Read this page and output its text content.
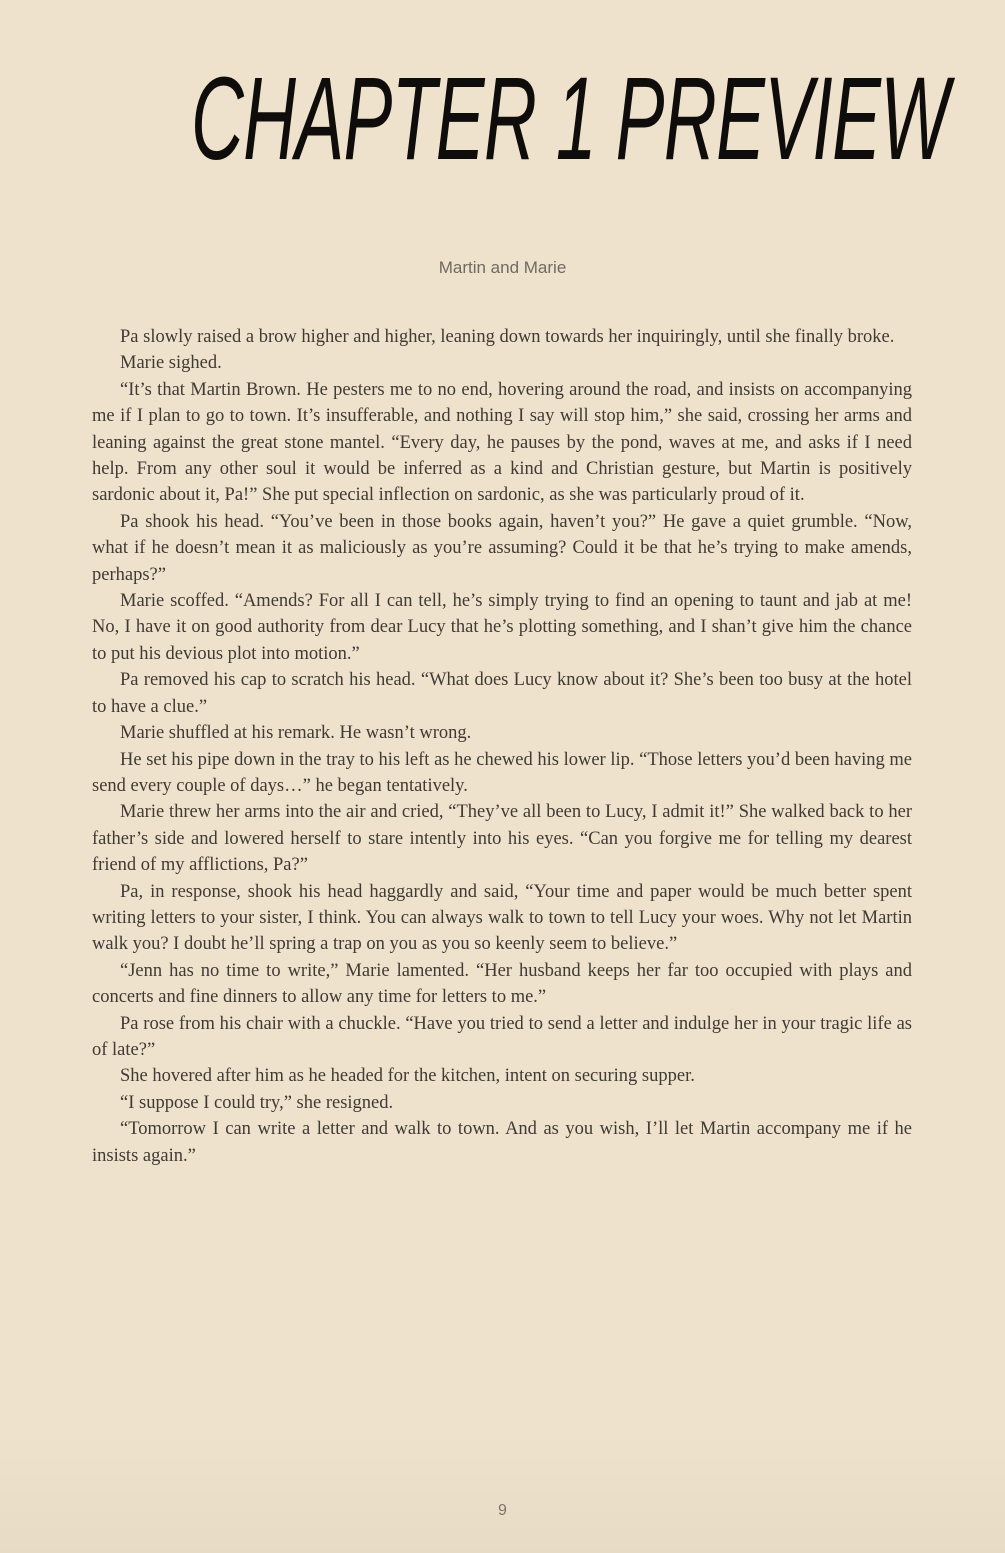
CHAPTER 1 PREVIEW

Martin and Marie

Pa slowly raised a brow higher and higher, leaning down towards her inquiringly, until she finally broke.

Marie sighed.

“It’s that Martin Brown. He pesters me to no end, hovering around the road, and insists on accompanying me if I plan to go to town. It’s insufferable, and nothing I say will stop him,” she said, crossing her arms and leaning against the great stone mantel. “Every day, he pauses by the pond, waves at me, and asks if I need help. From any other soul it would be inferred as a kind and Christian gesture, but Martin is positively sardonic about it, Pa!” She put special inflection on sardonic, as she was particularly proud of it.

Pa shook his head. “You’ve been in those books again, haven’t you?” He gave a quiet grumble. “Now, what if he doesn’t mean it as maliciously as you’re assuming? Could it be that he’s trying to make amends, perhaps?”

Marie scoffed. “Amends? For all I can tell, he’s simply trying to find an opening to taunt and jab at me! No, I have it on good authority from dear Lucy that he’s plotting something, and I shan’t give him the chance to put his devious plot into motion.”

Pa removed his cap to scratch his head. “What does Lucy know about it? She’s been too busy at the hotel to have a clue.”

Marie shuffled at his remark. He wasn’t wrong.

He set his pipe down in the tray to his left as he chewed his lower lip. “Those letters you’d been having me send every couple of days…” he began tentatively.

Marie threw her arms into the air and cried, “They’ve all been to Lucy, I admit it!” She walked back to her father’s side and lowered herself to stare intently into his eyes. “Can you forgive me for telling my dearest friend of my afflictions, Pa?”

Pa, in response, shook his head haggardly and said, “Your time and paper would be much better spent writing letters to your sister, I think. You can always walk to town to tell Lucy your woes. Why not let Martin walk you? I doubt he’ll spring a trap on you as you so keenly seem to believe.”

“Jenn has no time to write,” Marie lamented. “Her husband keeps her far too occupied with plays and concerts and fine dinners to allow any time for letters to me.”

Pa rose from his chair with a chuckle. “Have you tried to send a letter and indulge her in your tragic life as of late?”

She hovered after him as he headed for the kitchen, intent on securing supper.

“I suppose I could try,” she resigned.

“Tomorrow I can write a letter and walk to town. And as you wish, I’ll let Martin accompany me if he insists again.”

9
